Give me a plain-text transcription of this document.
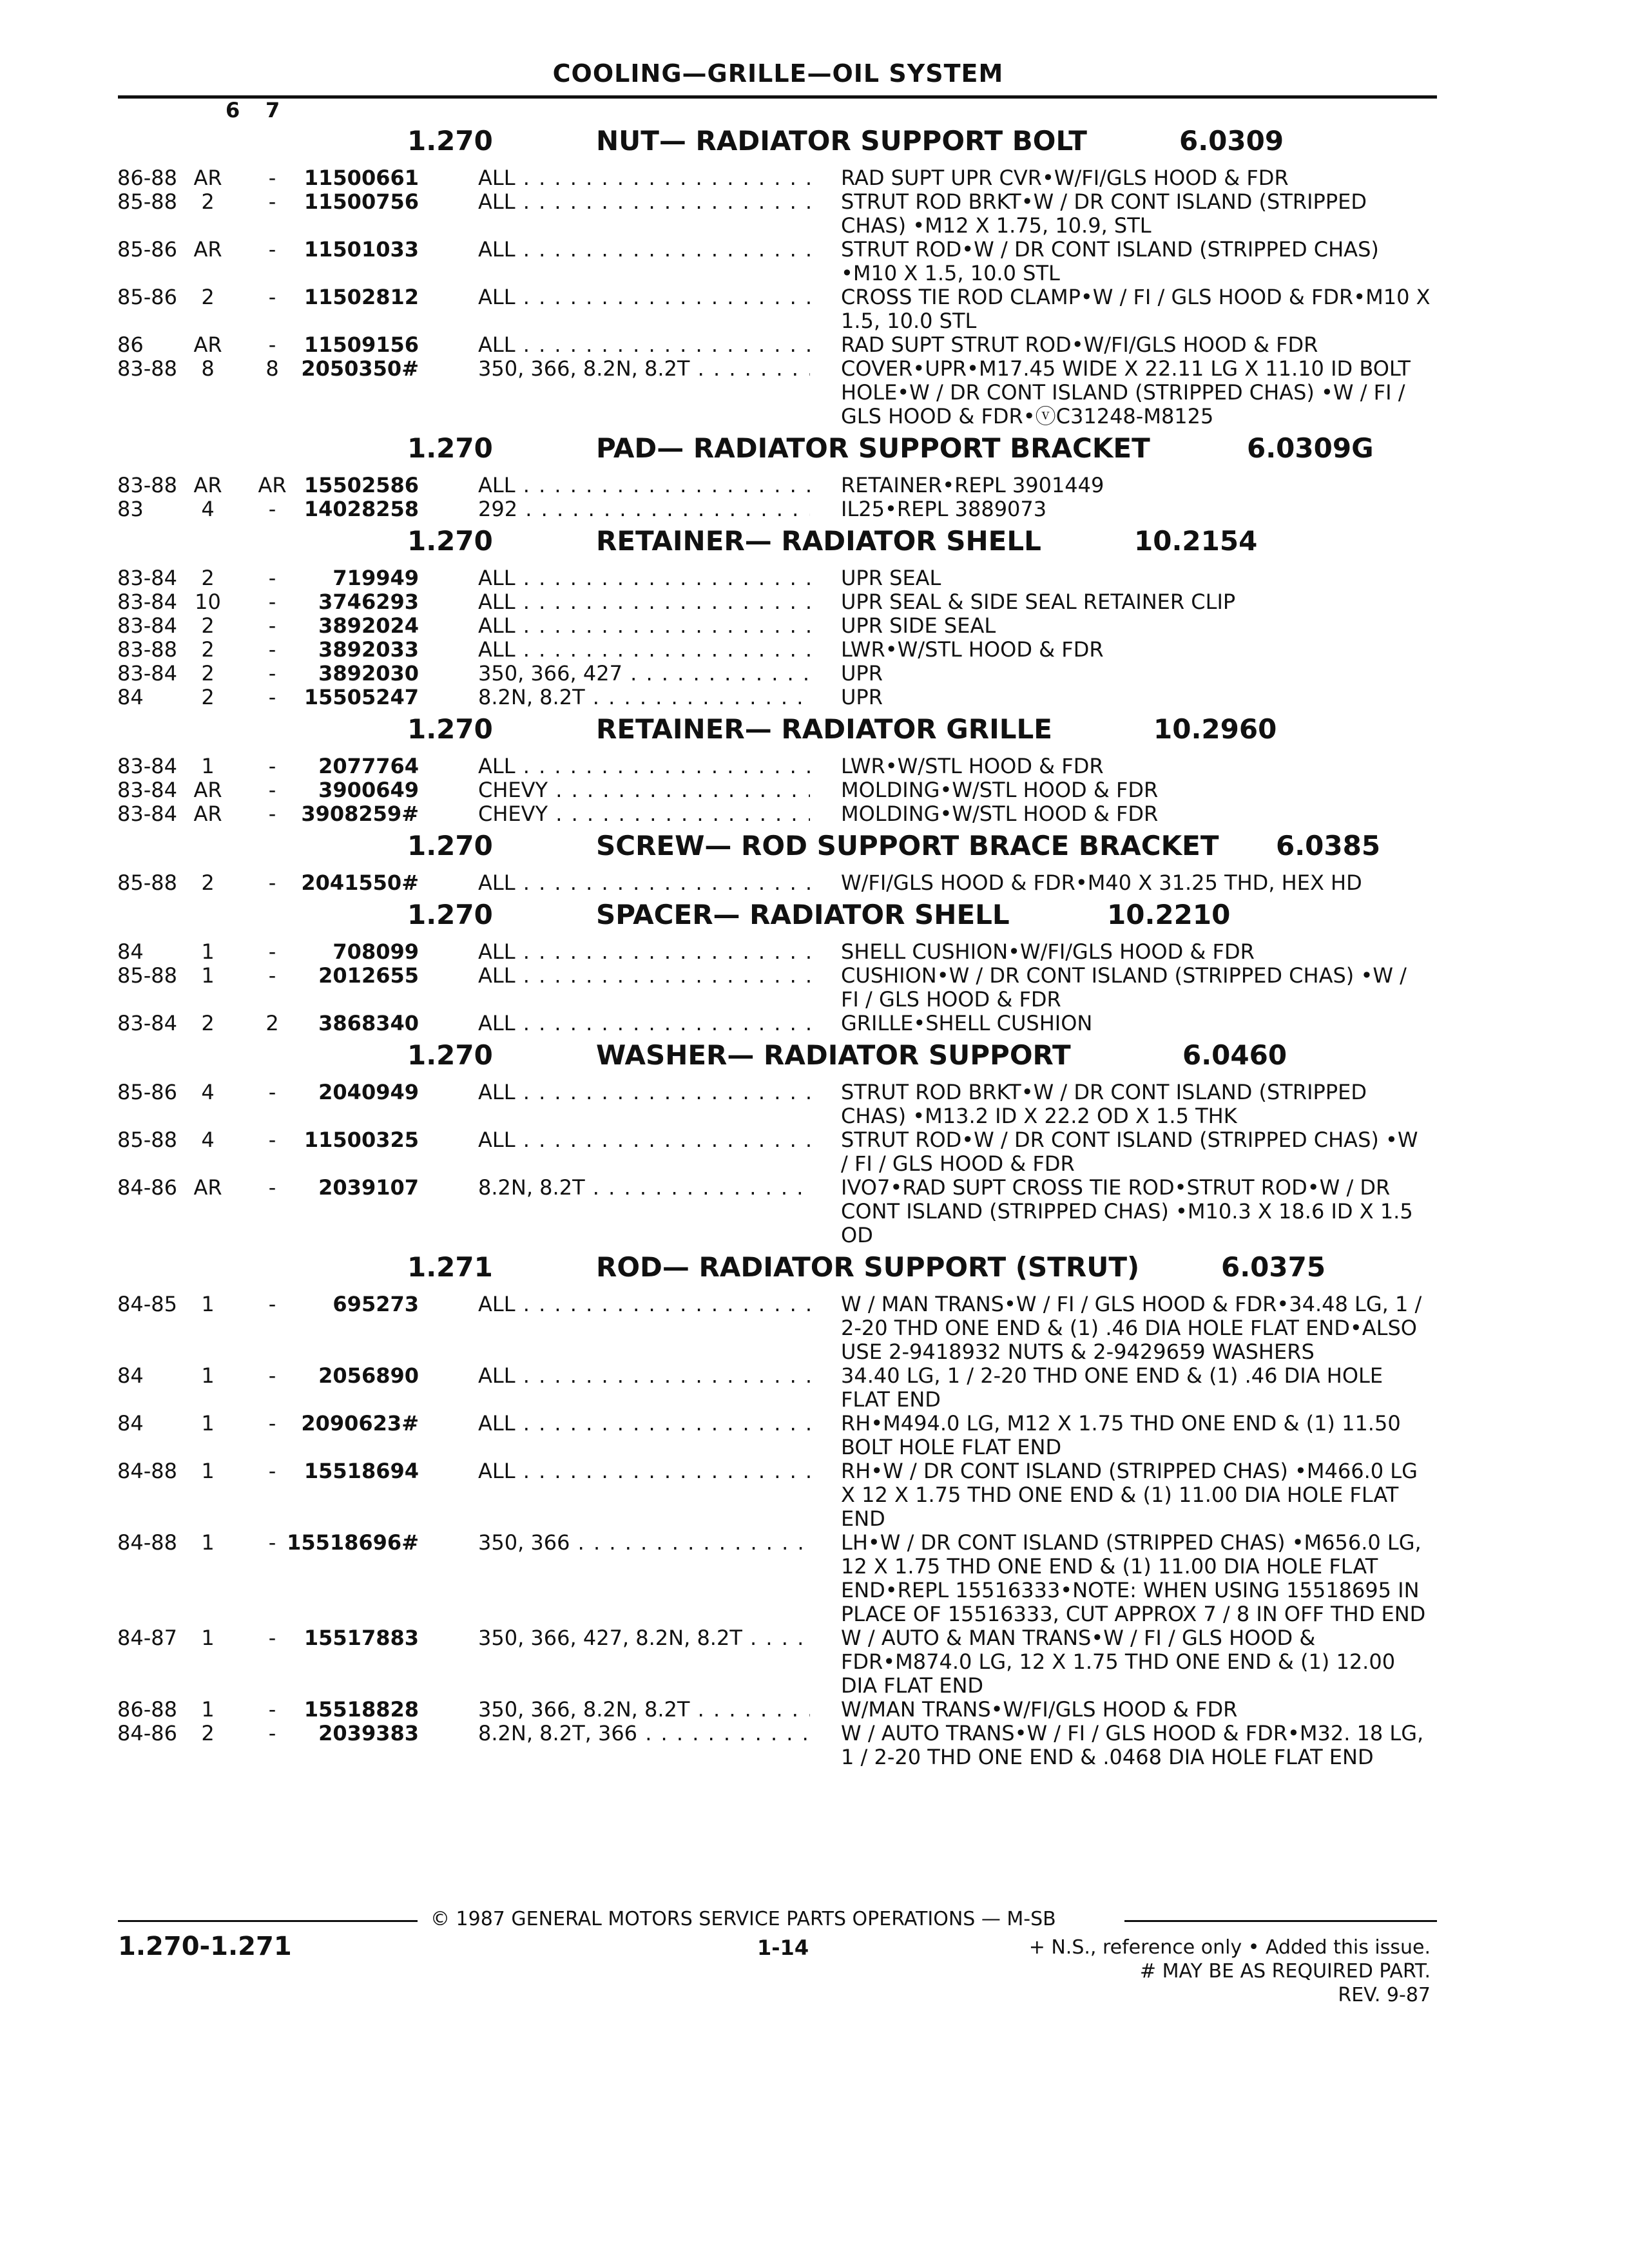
COOLING—GRILLE—OIL SYSTEM
6 7
1.270	NUT— RADIATOR SUPPORT BOLT	6.0309
86-88 AR	-	11500661	ALL . . .	RAD SUPT UPR CVR•W/FI/GLS HOOD & FDR
85-88	2	-	11500756	ALL . . .	STRUT ROD BRKT•W / DR CONT ISLAND (STRIPPED CHAS) •M12 X 1.75, 10.9, STL
85-86 AR	-	11501033	ALL . . .	STRUT ROD•W / DR CONT ISLAND (STRIPPED CHAS) •M10 X 1.5, 10.0 STL
85-86	2	-	11502812	ALL . . .	CROSS TIE ROD CLAMP•W / FI / GLS HOOD & FDR•M10 X 1.5, 10.0 STL
86	AR	-	11509156	ALL . . .	RAD SUPT STRUT ROD•W/FI/GLS HOOD & FDR
83-88	8	8	2050350#	350, 366, 8.2N, 8.2T . . .	COVER•UPR•M17.45 WIDE X 22.11 LG X 11.10 ID BOLT HOLE•W / DR CONT ISLAND (STRIPPED CHAS) •W / FI / GLS HOOD & FDR•ⓥC31248-M8125
1.270	PAD— RADIATOR SUPPORT BRACKET	6.0309G
83-88 AR	AR 15502586	ALL . . .	RETAINER•REPL 3901449
83	4	-	14028258	292 . . .	IL25•REPL 3889073
1.270	RETAINER— RADIATOR SHELL	10.2154
83-84	2	-	719949	ALL . . .	UPR SEAL
83-84 10	-	3746293	ALL . . .	UPR SEAL & SIDE SEAL RETAINER CLIP
83-84	2	-	3892024	ALL . . .	UPR SIDE SEAL
83-88	2	-	3892033	ALL . . .	LWR•W/STL HOOD & FDR
83-84	2	-	3892030	350, 366, 427 . . .	UPR
84	2	-	15505247	8.2N, 8.2T . . .	UPR
1.270	RETAINER— RADIATOR GRILLE	10.2960
83-84	1	-	2077764	ALL . . .	LWR•W/STL HOOD & FDR
83-84 AR	-	3900649	CHEVY . . .	MOLDING•W/STL HOOD & FDR
83-84 AR	-	3908259#	CHEVY . . .	MOLDING•W/STL HOOD & FDR
1.270	SCREW— ROD SUPPORT BRACE BRACKET 6.0385
85-88	2	-	2041550#	ALL . . .	W/FI/GLS HOOD & FDR•M40 X 31.25 THD, HEX HD
1.270	SPACER— RADIATOR SHELL	10.2210
84	1	-	708099	ALL . . .	SHELL CUSHION•W/FI/GLS HOOD & FDR
85-88	1	-	2012655	ALL . . .	CUSHION•W / DR CONT ISLAND (STRIPPED CHAS) •W / FI / GLS HOOD & FDR
83-84	2	2	3868340	ALL . . .	GRILLE•SHELL CUSHION
1.270	WASHER— RADIATOR SUPPORT	6.0460
85-86	4	-	2040949	ALL . . .	STRUT ROD BRKT•W / DR CONT ISLAND (STRIPPED CHAS) •M13.2 ID X 22.2 OD X 1.5 THK
85-88	4	-	11500325	ALL . . .	STRUT ROD•W / DR CONT ISLAND (STRIPPED CHAS) •W / FI / GLS HOOD & FDR
84-86 AR	-	2039107	8.2N, 8.2T . . .	IVO7•RAD SUPT CROSS TIE ROD•STRUT ROD•W / DR CONT ISLAND (STRIPPED CHAS) •M10.3 X 18.6 ID X 1.5 OD
1.271	ROD— RADIATOR SUPPORT (STRUT)	6.0375
84-85	1	-	695273	ALL . . .	W / MAN TRANS•W / FI / GLS HOOD & FDR•34.48 LG, 1 / 2-20 THD ONE END & (1) .46 DIA HOLE FLAT END•ALSO USE 2-9418932 NUTS & 2-9429659 WASHERS
84	1	-	2056890	ALL . . .	34.40 LG, 1 / 2-20 THD ONE END & (1) .46 DIA HOLE FLAT END
84	1	-	2090623#	ALL . . .	RH•M494.0 LG, M12 X 1.75 THD ONE END & (1) 11.50 BOLT HOLE FLAT END
84-88	1	-	15518694	ALL . . .	RH•W / DR CONT ISLAND (STRIPPED CHAS) •M466.0 LG X 12 X 1.75 THD ONE END & (1) 11.00 DIA HOLE FLAT END
84-88	1	- 15518696#	350, 366 . . .	LH•W / DR CONT ISLAND (STRIPPED CHAS) •M656.0 LG, 12 X 1.75 THD ONE END & (1) 11.00 DIA HOLE FLAT END•REPL 15516333•NOTE: WHEN USING 15518695 IN PLACE OF 15516333, CUT APPROX 7 / 8 IN OFF THD END
84-87	1	-	15517883	350, 366, 427, 8.2N, 8.2T . . .	W / AUTO & MAN TRANS•W / FI / GLS HOOD & FDR•M874.0 LG, 12 X 1.75 THD ONE END & (1) 12.00 DIA FLAT END
86-88	1	-	15518828	350, 366, 8.2N, 8.2T . . .	W/MAN TRANS•W/FI/GLS HOOD & FDR
84-86	2	-	2039383	8.2N, 8.2T, 366 . . .	W / AUTO TRANS•W / FI / GLS HOOD & FDR•M32. 18 LG, 1 / 2-20 THD ONE END & .0468 DIA HOLE FLAT END
© 1987 GENERAL MOTORS SERVICE PARTS OPERATIONS — M-SB
1.270-1.271	1-14	+ N.S., reference only • Added this issue.
# MAY BE AS REQUIRED PART.
REV. 9-87
